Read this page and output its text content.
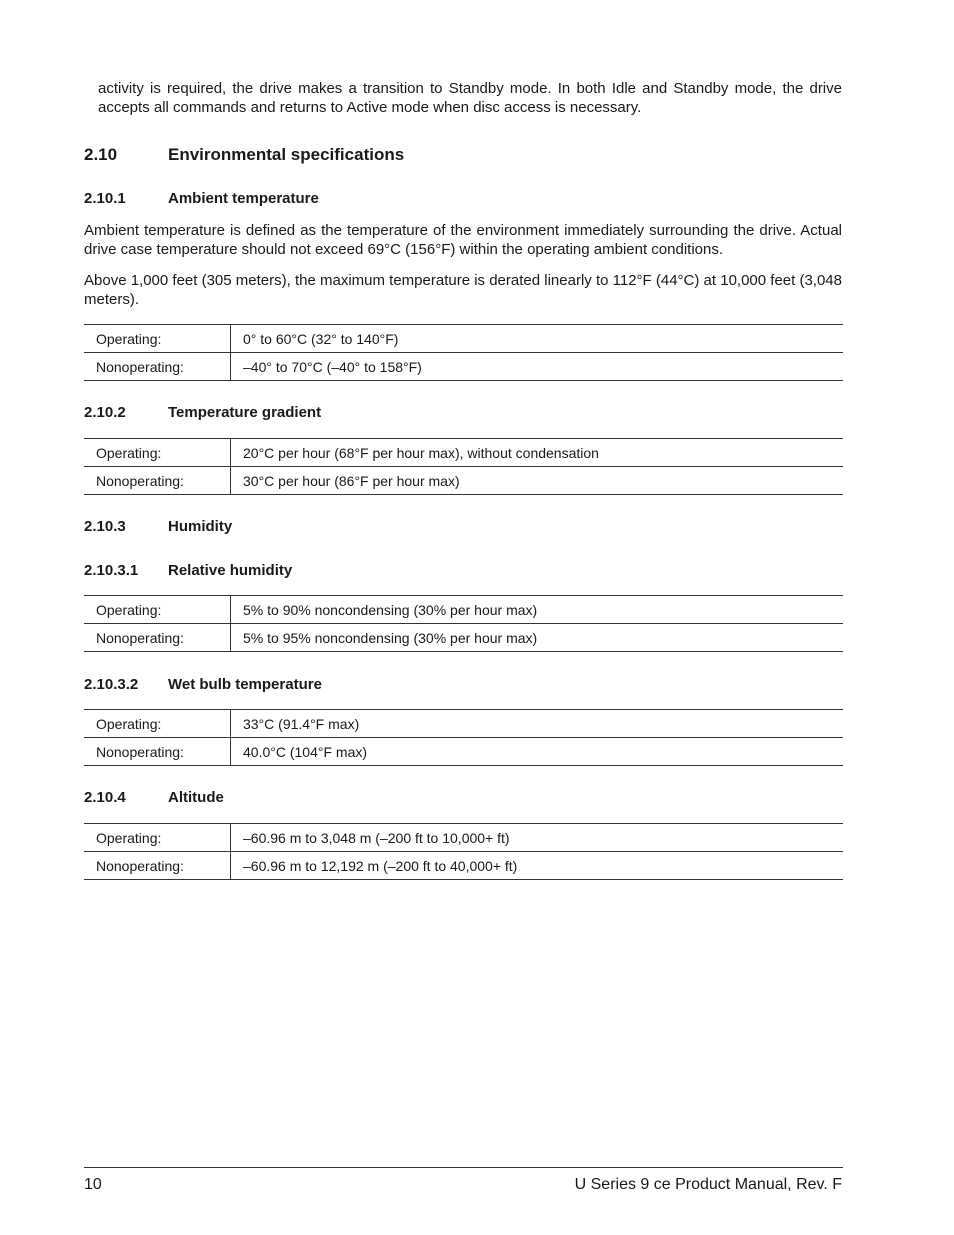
activity is required, the drive makes a transition to Standby mode. In both Idle and Standby mode, the drive accepts all commands and returns to Active mode when disc access is necessary.

2.10	Environmental specifications
2.10.1	Ambient temperature

Ambient temperature is defined as the temperature of the environment immediately surrounding the drive. Actual drive case temperature should not exceed 69°C (156°F) within the operating ambient conditions.

Above 1,000 feet (305 meters), the maximum temperature is derated linearly to 112°F (44°C) at 10,000 feet (3,048 meters).

Operating:	0° to 60°C (32° to 140°F)
Nonoperating:	–40° to 70°C (–40° to 158°F)
2.10.2	Temperature gradient
Operating:	20°C per hour (68°F per hour max), without condensation
Nonoperating:	30°C per hour (86°F per hour max)
2.10.3	Humidity
2.10.3.1 Relative humidity
Operating:	5% to 90% noncondensing (30% per hour max)
Nonoperating:	5% to 95% noncondensing (30% per hour max)
2.10.3.2 Wet bulb temperature
Operating:	33°C (91.4°F max)
Nonoperating:	40.0°C (104°F max)
2.10.4	Altitude
Operating:	–60.96 m to 3,048 m (–200 ft to 10,000+ ft)
Nonoperating:	–60.96 m to 12,192 m (–200 ft to 40,000+ ft)
10	U Series 9 ce Product Manual, Rev. F
